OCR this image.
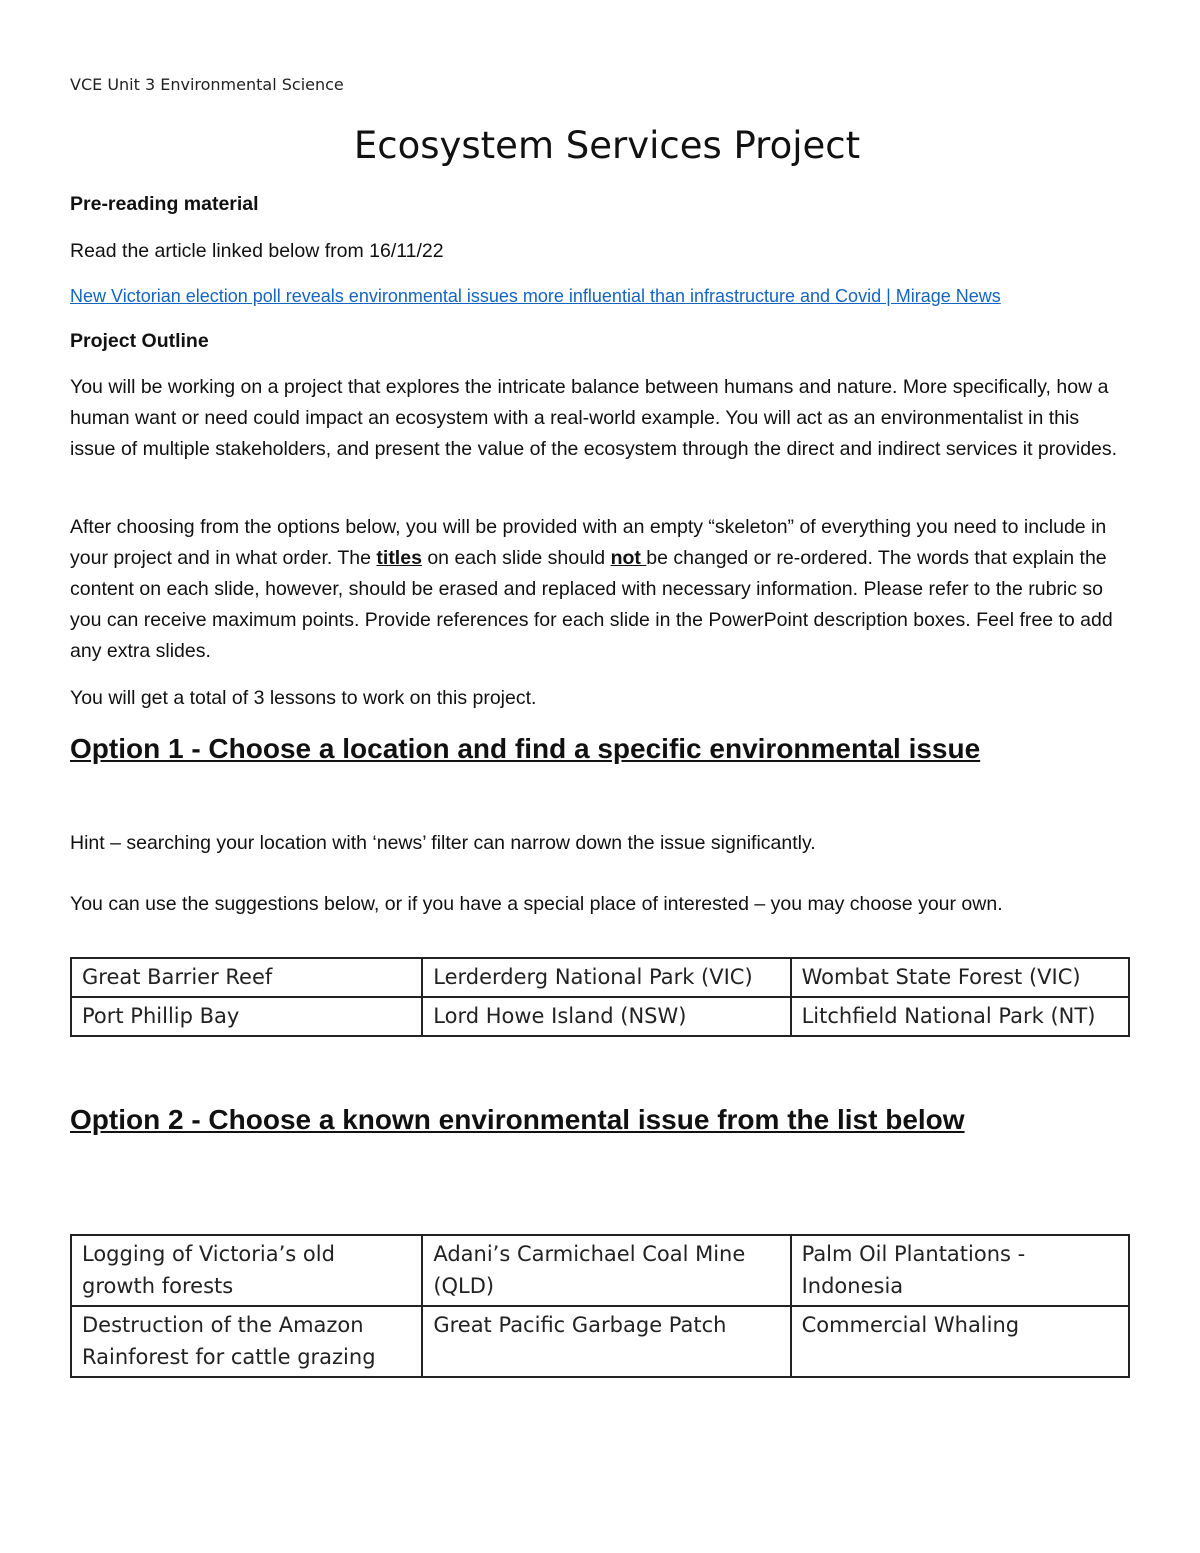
VCE Unit 3 Environmental Science
Ecosystem Services Project
Pre-reading material
Read the article linked below from 16/11/22
New Victorian election poll reveals environmental issues more influential than infrastructure and Covid | Mirage News
Project Outline
You will be working on a project that explores the intricate balance between humans and nature. More specifically, how a human want or need could impact an ecosystem with a real-world example. You will act as an environmentalist in this issue of multiple stakeholders, and present the value of the ecosystem through the direct and indirect services it provides.
After choosing from the options below, you will be provided with an empty “skeleton” of everything you need to include in your project and in what order. The titles on each slide should not be changed or re-ordered. The words that explain the content on each slide, however, should be erased and replaced with necessary information. Please refer to the rubric so you can receive maximum points. Provide references for each slide in the PowerPoint description boxes. Feel free to add any extra slides.
You will get a total of 3 lessons to work on this project.
Option 1 - Choose a location and find a specific environmental issue
Hint – searching your location with ‘news’ filter can narrow down the issue significantly.
You can use the suggestions below, or if you have a special place of interested – you may choose your own.
Great Barrier Reef	Lerderderg National Park (VIC)	Wombat State Forest (VIC)
Port Phillip Bay	Lord Howe Island (NSW)	Litchfield National Park (NT)
Option 2 - Choose a known environmental issue from the list below
Logging of Victoria’s old growth forests	Adani’s Carmichael Coal Mine (QLD)	Palm Oil Plantations - Indonesia
Destruction of the Amazon Rainforest for cattle grazing	Great Pacific Garbage Patch	Commercial Whaling
